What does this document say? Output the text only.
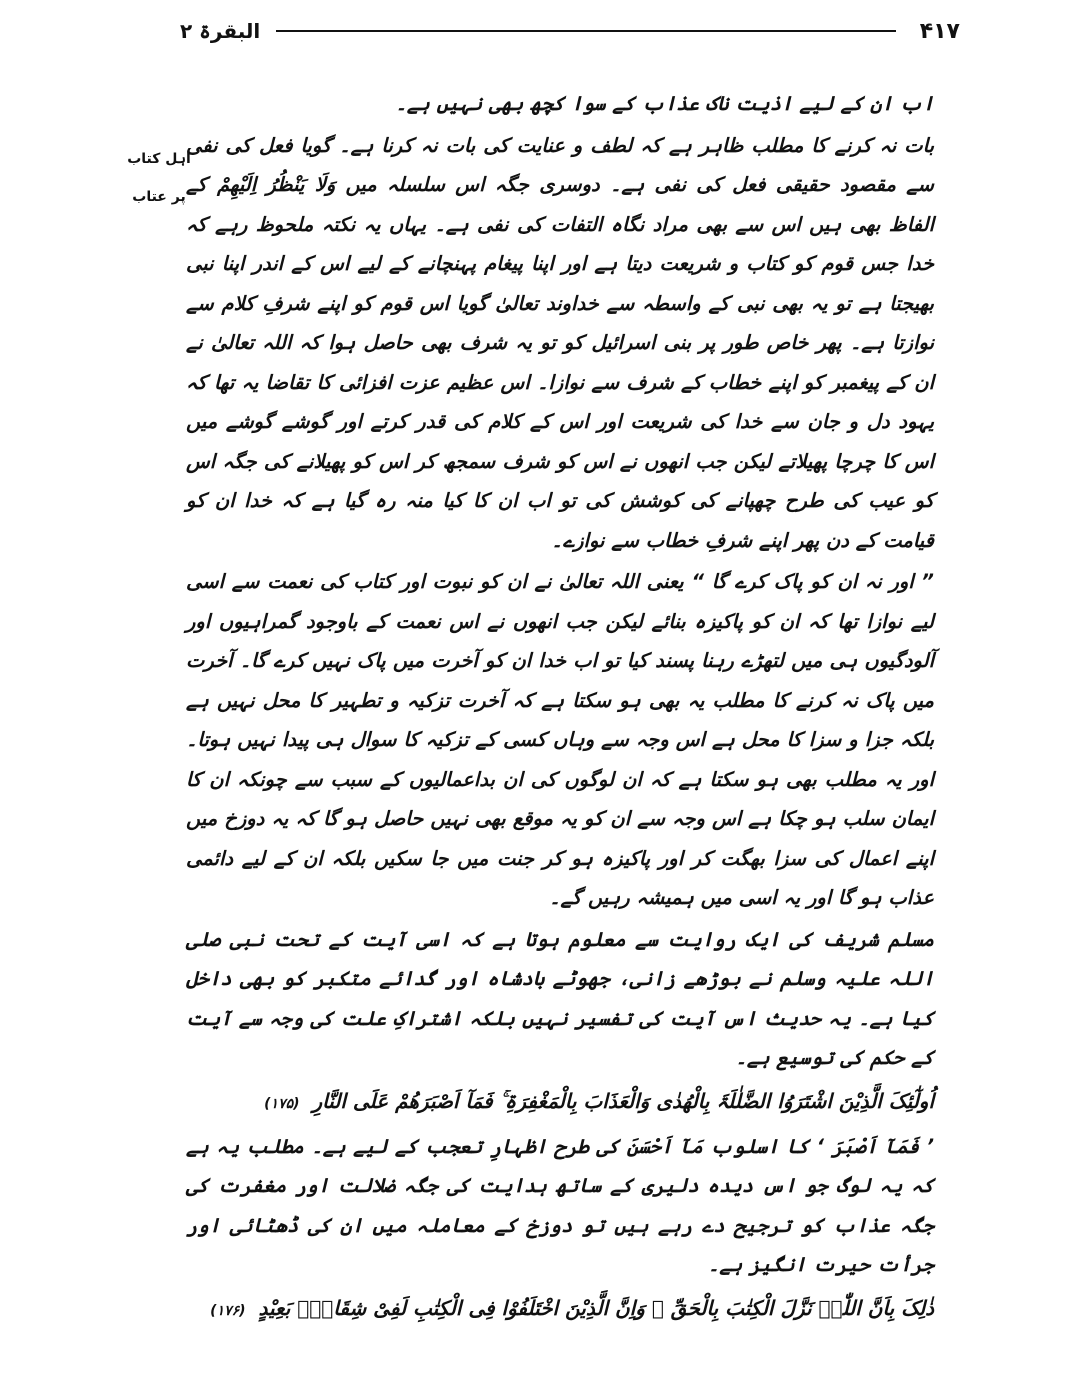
۴۱۷
البقرۃ ۲
اہل کتاب
پر عتاب

اب ان کے لیے اذیت ناک عذاب کے سوا کچھ بھی نہیں ہے۔

بات نہ کرنے کا مطلب ظاہر ہے کہ لطف و عنایت کی بات نہ کرنا ہے۔ گویا فعل کی نفی سے مقصود حقیقی فعل کی نفی ہے۔ دوسری جگہ اس سلسلہ میں وَلَا یَنْظُرُ اِلَیْھِمْ کے الفاظ بھی ہیں اس سے بھی مراد نگاہ التفات کی نفی ہے۔ یہاں یہ نکتہ ملحوظ رہے کہ خدا جس قوم کو کتاب و شریعت دیتا ہے اور اپنا پیغام پہنچانے کے لیے اس کے اندر اپنا نبی بھیجتا ہے تو یہ بھی نبی کے واسطہ سے خداوند تعالیٰ گویا اس قوم کو اپنے شرفِ کلام سے نوازتا ہے۔ پھر خاص طور پر بنی اسرائیل کو تو یہ شرف بھی حاصل ہوا کہ اللہ تعالیٰ نے ان کے پیغمبر کو اپنے خطاب کے شرف سے نوازا۔ اس عظیم عزت افزائی کا تقاضا یہ تھا کہ یہود دل و جان سے خدا کی شریعت اور اس کے کلام کی قدر کرتے اور گوشے گوشے میں اس کا چرچا پھیلاتے لیکن جب انھوں نے اس کو شرف سمجھ کر اس کو پھیلانے کی جگہ اس کو عیب کی طرح چھپانے کی کوشش کی تو اب ان کا کیا منہ رہ گیا ہے کہ خدا ان کو قیامت کے دن پھر اپنے شرفِ خطاب سے نوازے۔

” اور نہ ان کو پاک کرے گا “ یعنی اللہ تعالیٰ نے ان کو نبوت اور کتاب کی نعمت سے اسی لیے نوازا تھا کہ ان کو پاکیزہ بنائے لیکن جب انھوں نے اس نعمت کے باوجود گمراہیوں اور آلودگیوں ہی میں لتھڑے رہنا پسند کیا تو اب خدا ان کو آخرت میں پاک نہیں کرے گا۔ آخرت میں پاک نہ کرنے کا مطلب یہ بھی ہو سکتا ہے کہ آخرت تزکیہ و تطہیر کا محل نہیں ہے بلکہ جزا و سزا کا محل ہے اس وجہ سے وہاں کسی کے تزکیہ کا سوال ہی پیدا نہیں ہوتا۔ اور یہ مطلب بھی ہو سکتا ہے کہ ان لوگوں کی ان بداعمالیوں کے سبب سے چونکہ ان کا ایمان سلب ہو چکا ہے اس وجہ سے ان کو یہ موقع بھی نہیں حاصل ہو گا کہ یہ دوزخ میں اپنے اعمال کی سزا بھگت کر اور پاکیزہ ہو کر جنت میں جا سکیں بلکہ ان کے لیے دائمی عذاب ہو گا اور یہ اسی میں ہمیشہ رہیں گے۔

مسلم شریف کی ایک روایت سے معلوم ہوتا ہے کہ اسی آیت کے تحت نبی صلی اللہ علیہ وسلم نے بوڑھے زانی، جھوٹے بادشاہ اور گدائے متکبر کو بھی داخل کیا ہے۔ یہ حدیث اس آیت کی تفسیر نہیں بلکہ اشتراکِ علت کی وجہ سے آیت کے حکم کی توسیع ہے۔

اُولٰٓئِکَ الَّذِیْنَ اشْتَرَوُا الضَّلٰلَۃَ بِالْھُدٰی وَالْعَذَابَ بِالْمَغْفِرَۃِ ۚ فَمَآ اَصْبَرَھُمْ عَلَی النَّارِ (۱۷۵)

’ فَمَآ اَصْبَرَ ‘ کا اسلوب مَآ اَحْسَنَ کی طرح اظہارِ تعجب کے لیے ہے۔ مطلب یہ ہے کہ یہ لوگ جو اس دیدہ دلیری کے ساتھ ہدایت کی جگہ ضلالت اور مغفرت کی جگہ عذاب کو ترجیح دے رہے ہیں تو دوزخ کے معاملہ میں ان کی ڈھٹائی اور جرأت حیرت انگیز ہے۔

ذٰلِکَ بِاَنَّ اللّٰہَ نَزَّلَ الْکِتٰبَ بِالْحَقِّ ۭ وَاِنَّ الَّذِیْنَ اخْتَلَفُوْا فِی الْکِتٰبِ لَفِیْ شِقَاقٍۢ بَعِیْدٍ (۱۷۶)
